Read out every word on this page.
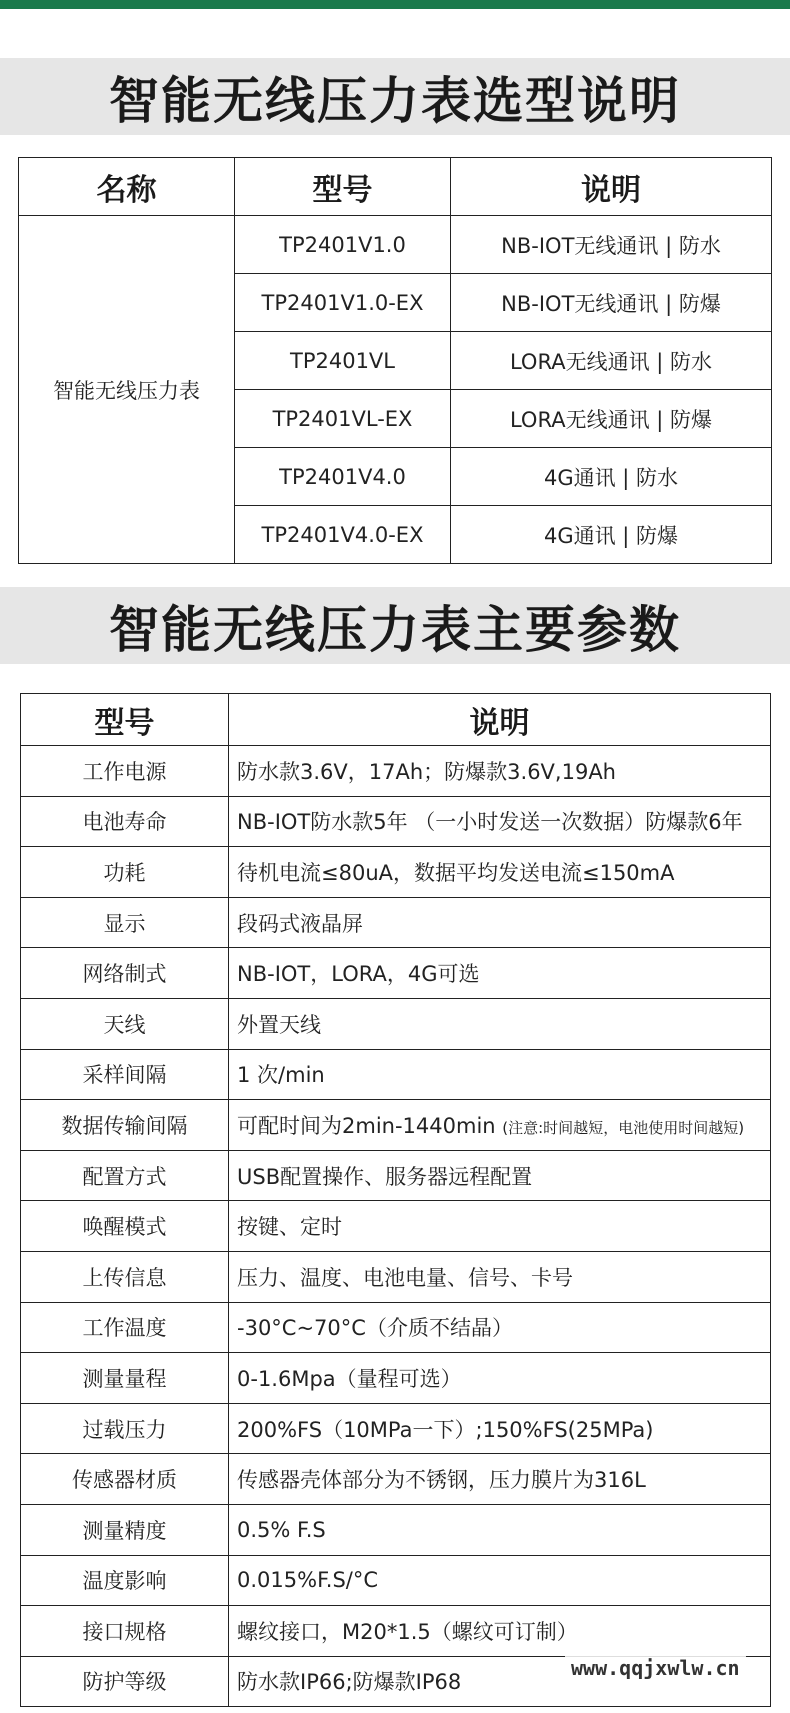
智能无线压力表选型说明
名称	型号	说明
智能无线压力表	TP2401V1.0	NB-IOT无线通讯 | 防水
	TP2401V1.0-EX	NB-IOT无线通讯 | 防爆
	TP2401VL	LORA无线通讯 | 防水
	TP2401VL-EX	LORA无线通讯 | 防爆
	TP2401V4.0	4G通讯 | 防水
	TP2401V4.0-EX	4G通讯 | 防爆
智能无线压力表主要参数
型号	说明
工作电源	防水款3.6V，17Ah；防爆款3.6V,19Ah
电池寿命	NB-IOT防水款5年 （一小时发送一次数据）防爆款6年
功耗	待机电流≤80uA，数据平均发送电流≤150mA
显示	段码式液晶屏
网络制式	NB-IOT，LORA，4G可选
天线	外置天线
采样间隔	1 次/min
数据传输间隔	可配时间为2min-1440min (注意:时间越短，电池使用时间越短)
配置方式	USB配置操作、服务器远程配置
唤醒模式	按键、定时
上传信息	压力、温度、电池电量、信号、卡号
工作温度	-30°C~70°C（介质不结晶）
测量量程	0-1.6Mpa（量程可选）
过载压力	200%FS（10MPa一下）;150%FS(25MPa)
传感器材质	传感器壳体部分为不锈钢，压力膜片为316L
测量精度	0.5% F.S
温度影响	0.015%F.S/°C
接口规格	螺纹接口，M20*1.5（螺纹可订制）
防护等级	防水款IP66;防爆款IP68
www.qqjxwlw.cn
